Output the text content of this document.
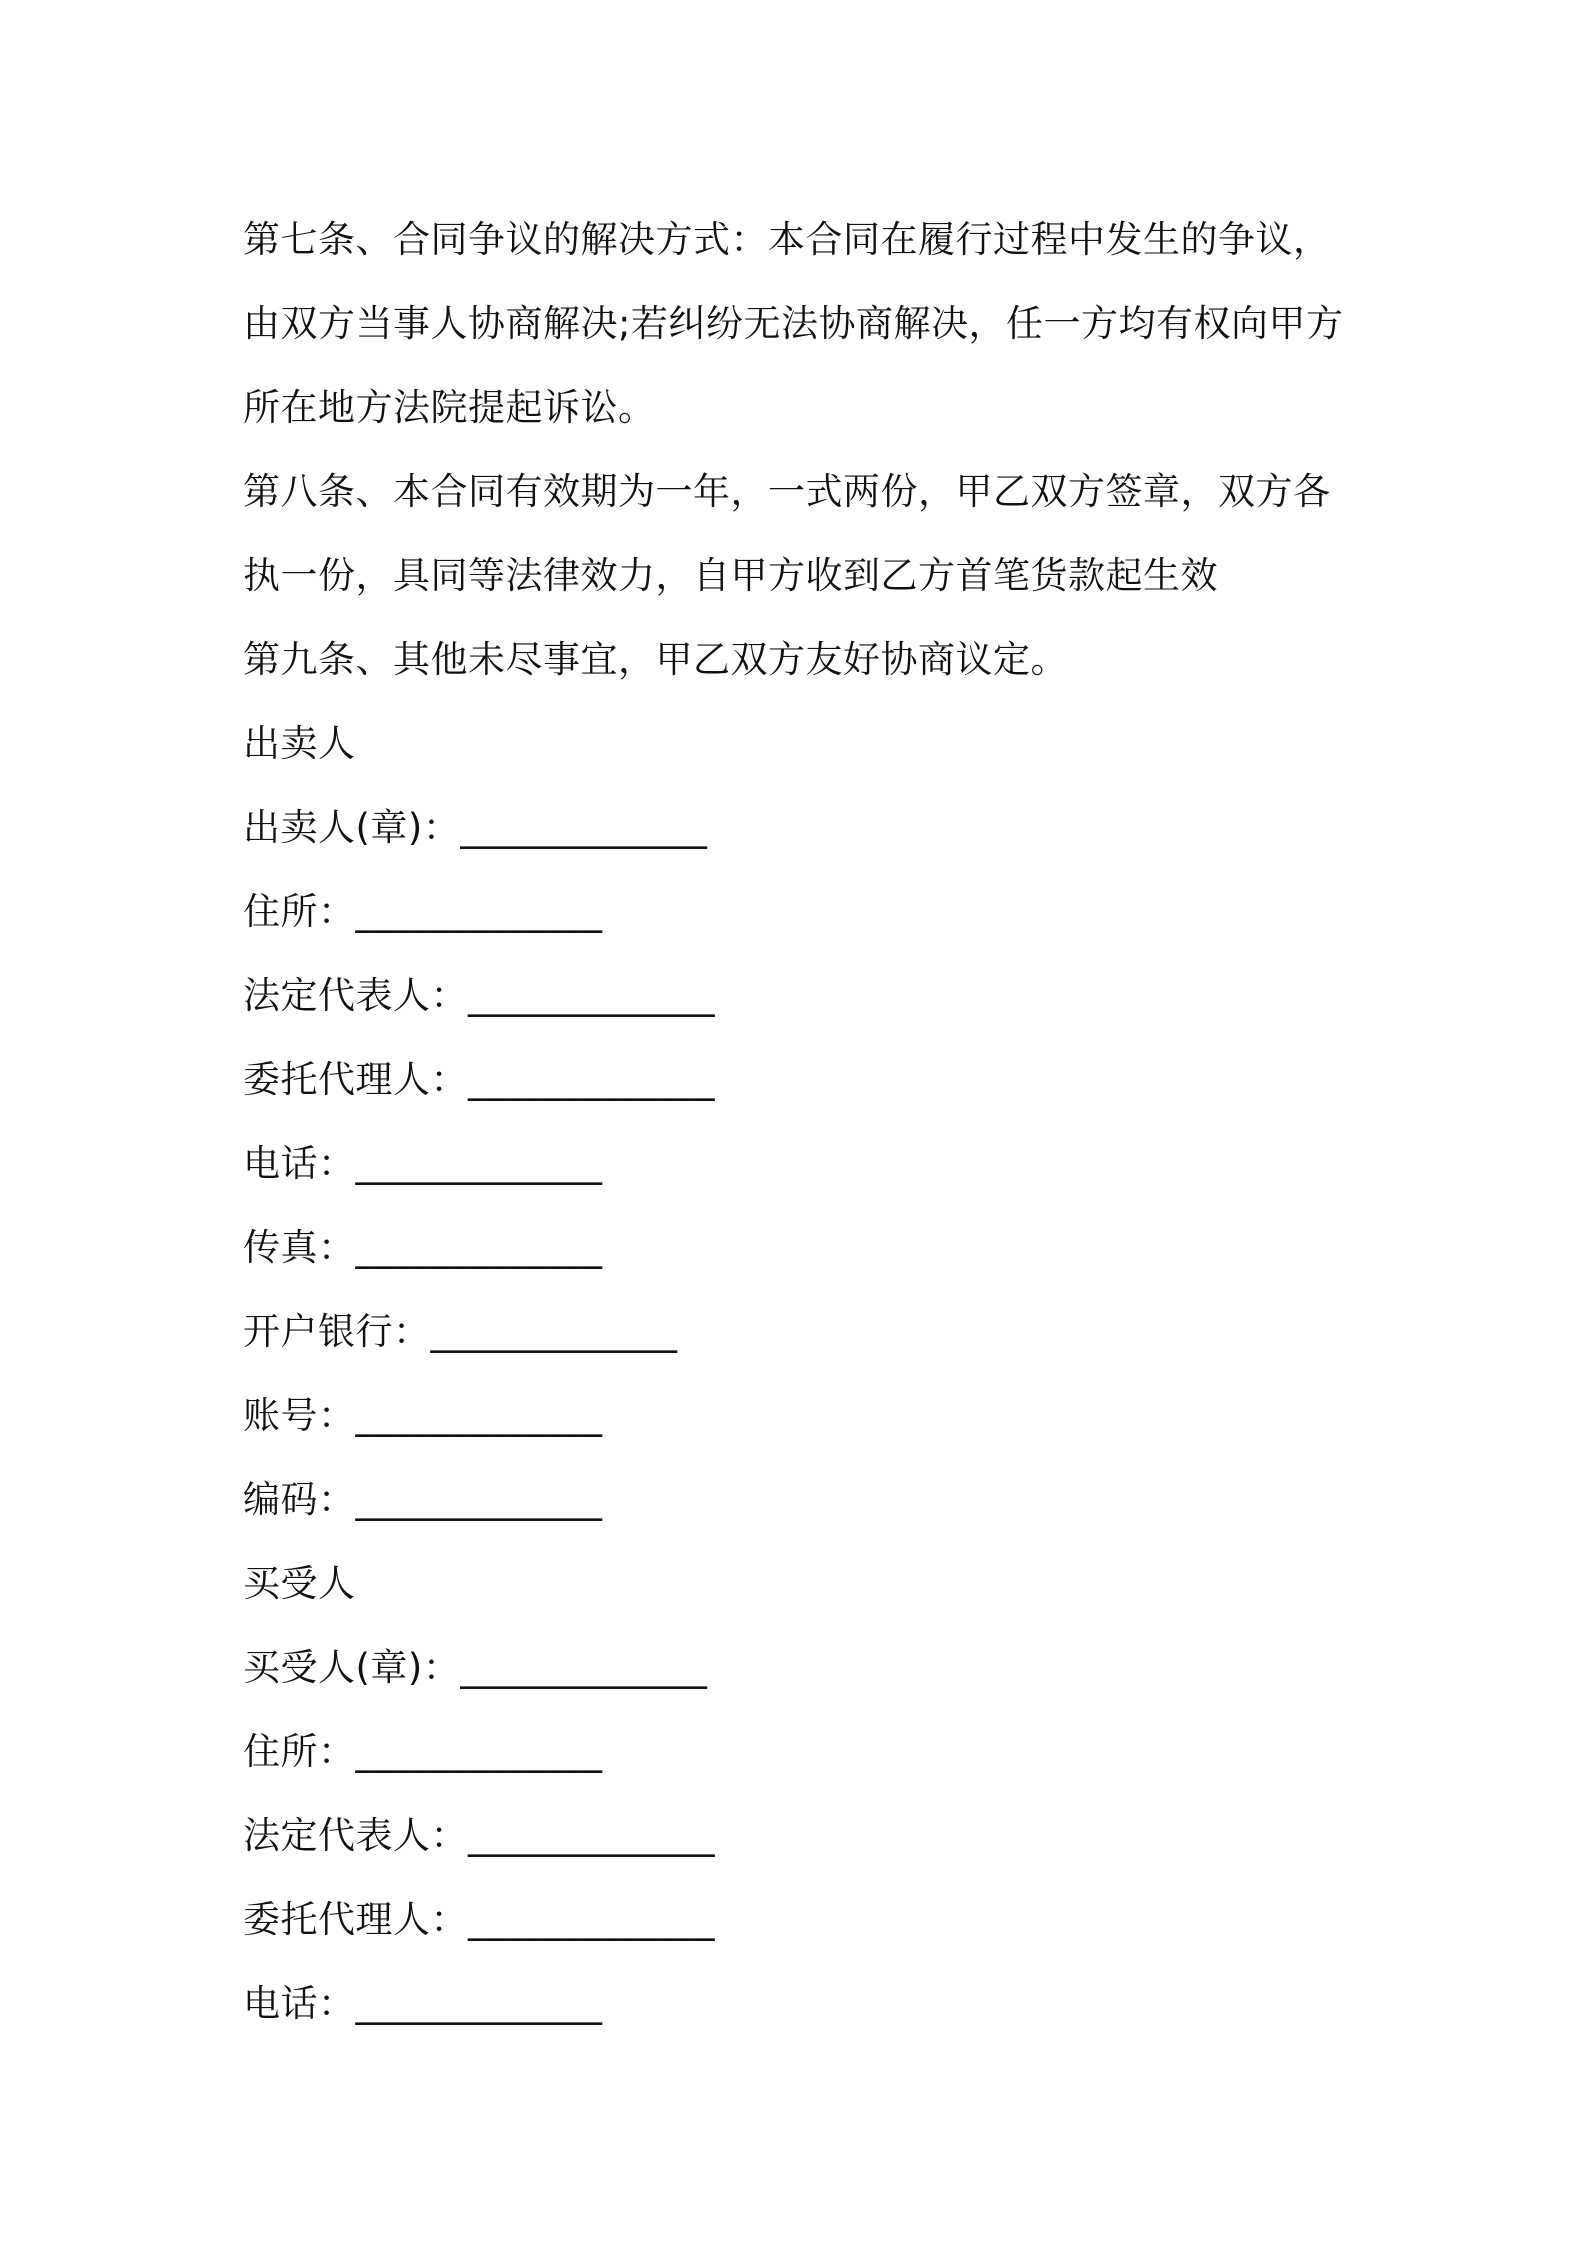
第七条、合同争议的解决方式：本合同在履行过程中发生的争议，由双方当事人协商解决;若纠纷无法协商解决，任一方均有权向甲方所在地方法院提起诉讼。

第八条、本合同有效期为一年，一式两份，甲乙双方签章，双方各执一份，具同等法律效力，自甲方收到乙方首笔货款起生效

第九条、其他未尽事宜，甲乙双方友好协商议定。

出卖人
出卖人(章)：_____________
住所：_____________
法定代表人：_____________
委托代理人：_____________
电话：_____________
传真：_____________
开户银行：_____________
账号：_____________
编码：_____________
买受人
买受人(章)：_____________
住所：_____________
法定代表人：_____________
委托代理人：_____________
电话：_____________
